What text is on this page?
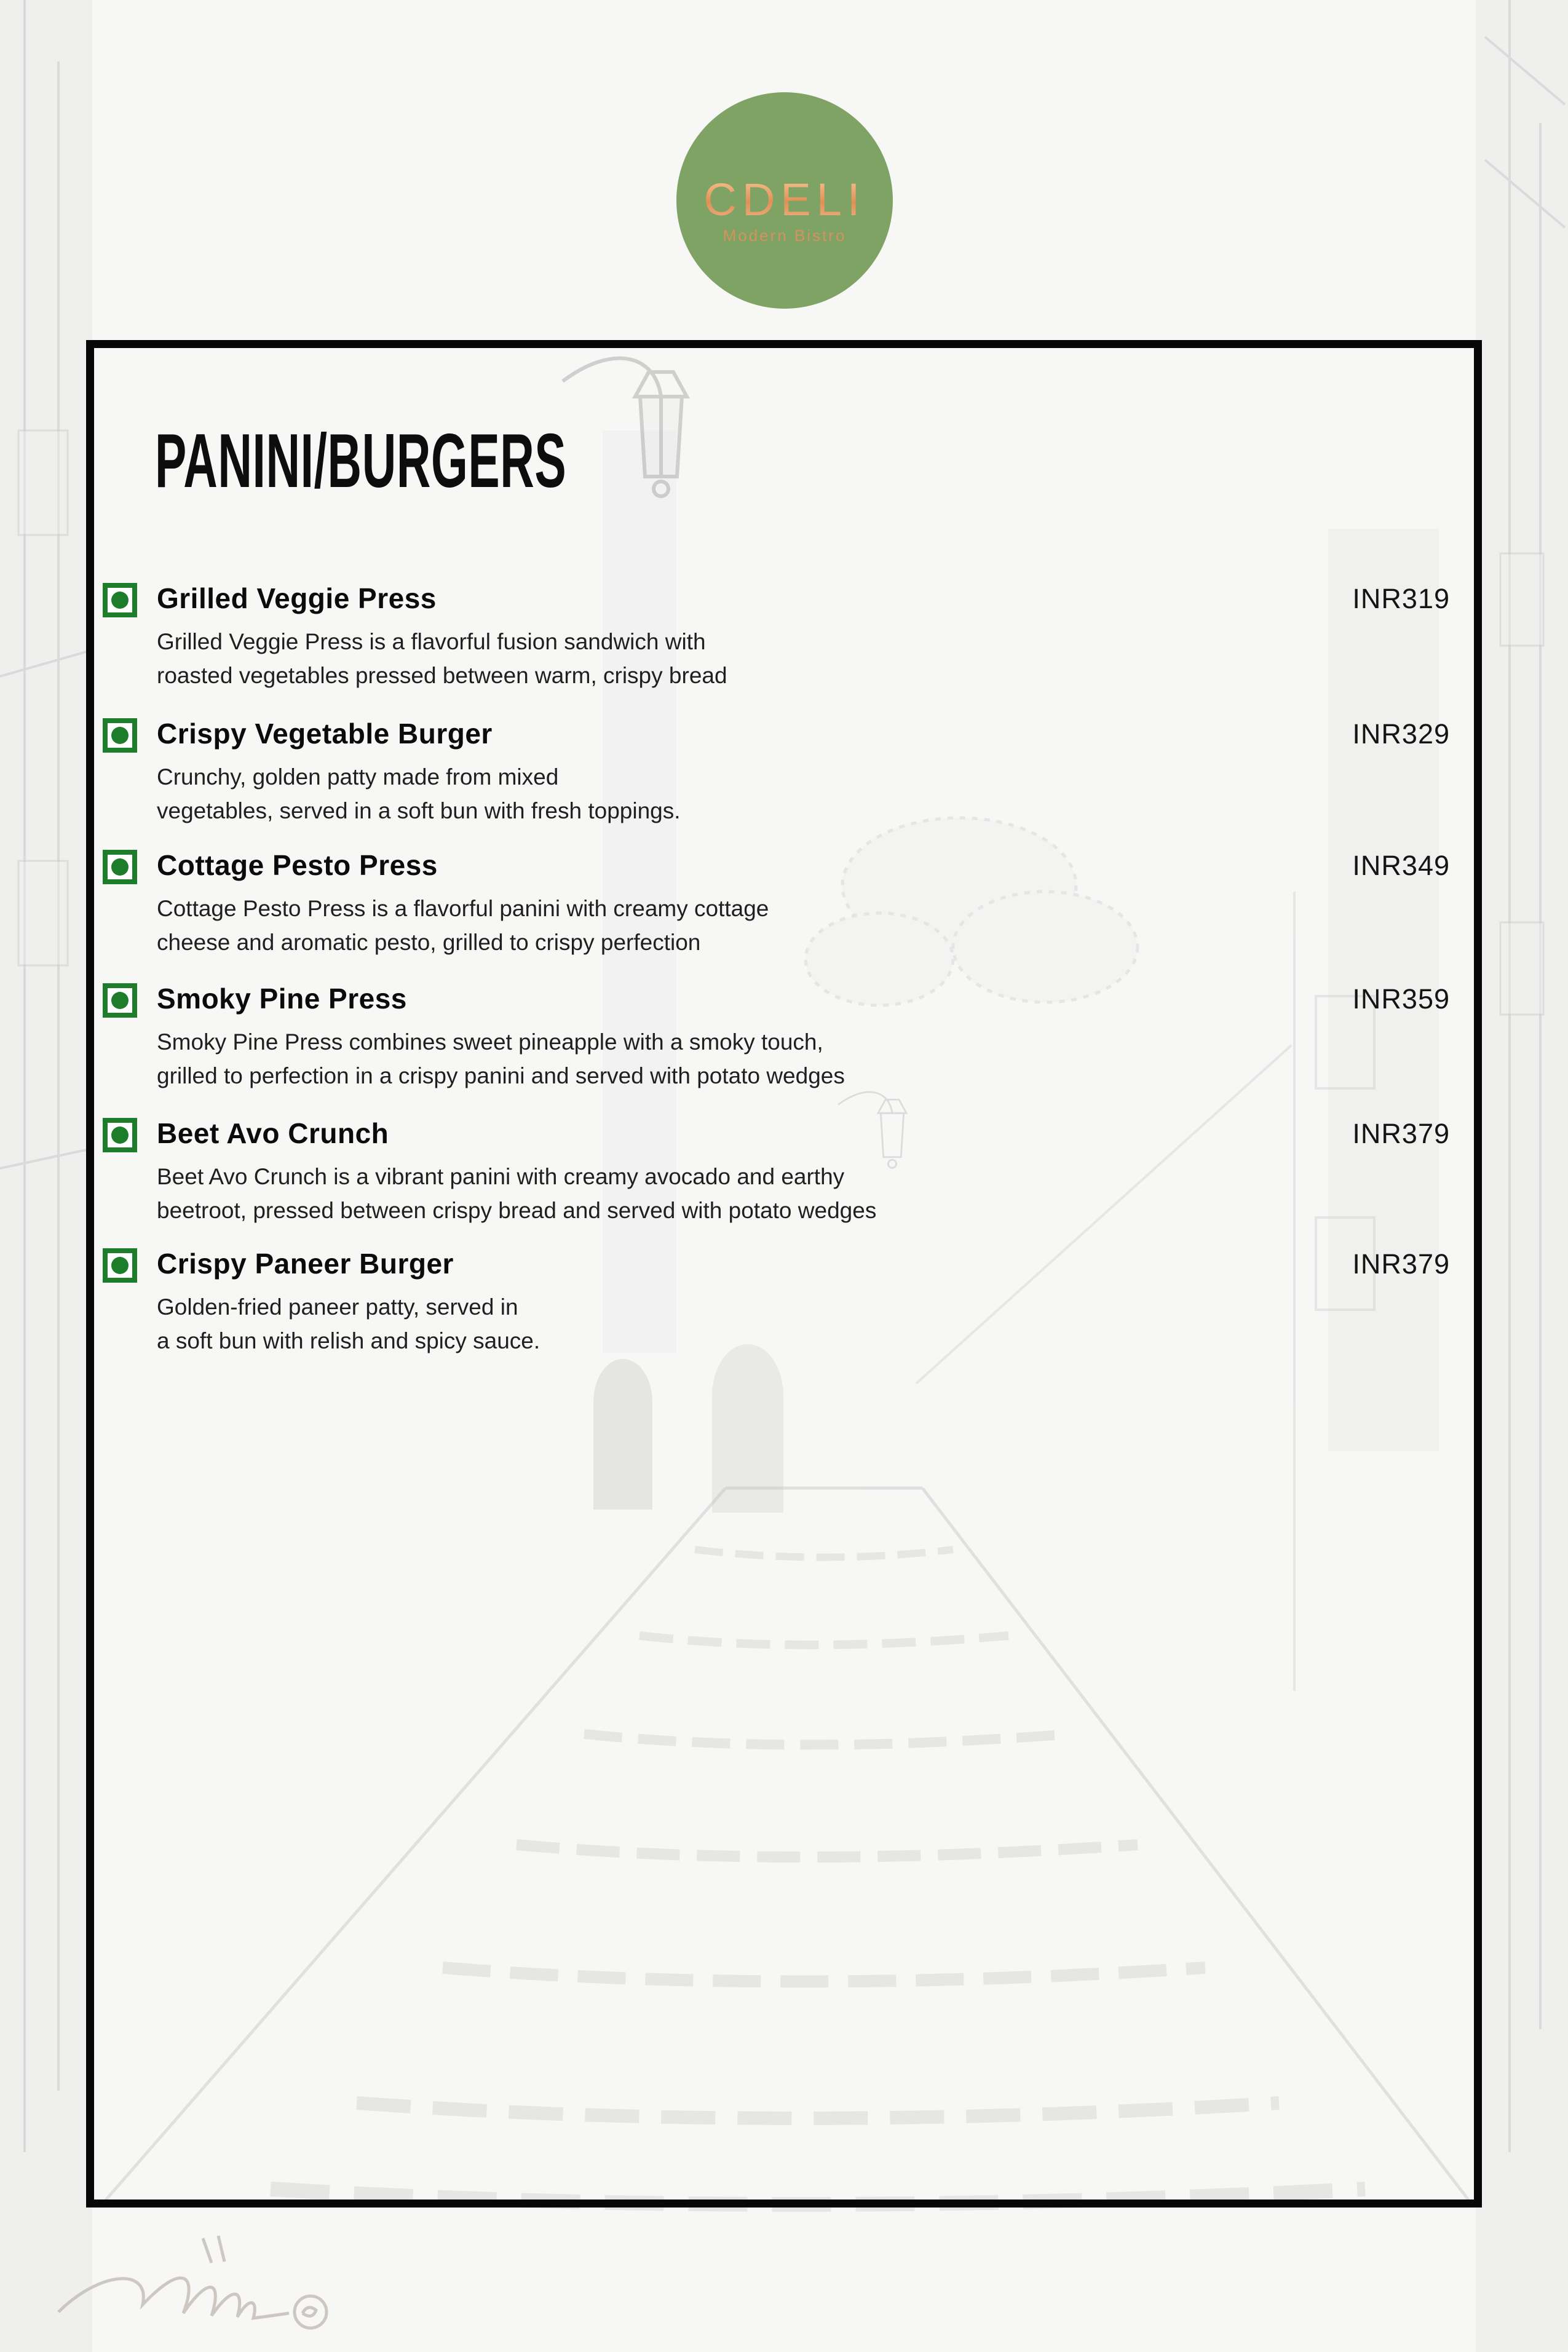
CDELI
Modern Bistro
PANINI/BURGERS
Grilled Veggie Press
Grilled Veggie Press is a flavorful fusion sandwich with
roasted vegetables pressed between warm, crispy bread
INR319
Crispy Vegetable Burger
Crunchy, golden patty made from mixed
vegetables, served in a soft bun with fresh toppings.
INR329
Cottage Pesto Press
Cottage Pesto Press is a flavorful panini with creamy cottage
cheese and aromatic pesto, grilled to crispy perfection
INR349
Smoky Pine Press
Smoky Pine Press combines sweet pineapple with a smoky touch,
grilled to perfection in a crispy panini and served with potato wedges
INR359
Beet Avo Crunch
Beet Avo Crunch is a vibrant panini with creamy avocado and earthy
beetroot, pressed between crispy bread and served with potato wedges
INR379
Crispy Paneer Burger
Golden-fried paneer patty, served in
a soft bun with relish and spicy sauce.
INR379
